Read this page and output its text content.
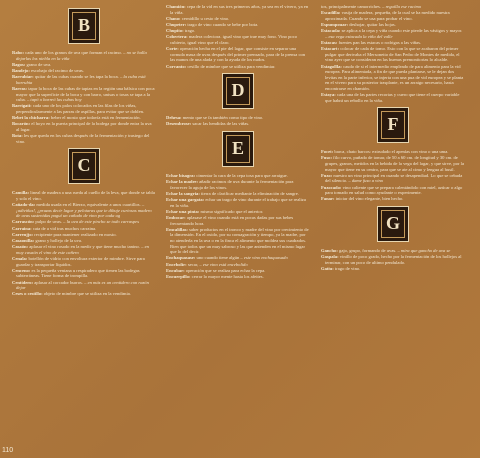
B

Rabo: cada uno de los granos de uva que forman el racimo. – no se halla dejarlas los niebla en la viña

Bagos: grano de uva.

Bandejo: escobajo del racimo de uvas.

Barrubiar: quitar de las cubas cuando se les tapa la boca. – la cuba está barrubia

Barras: tapar la boca de las cubas de tapias en la región una bálsica con poca mayor que la superficie de la boca y con barro, unisas o tosas se tapa a la cuba. – tapó o barreó las cubas hoy

Barrigati: cada uno de los palos colocados en las filas de los viñas, perpendicularmente a las parras de aspillas, para evitar que se doblen.

Bebet la chicharra: beber el mosto que todavía está en fermentación.

Bocarón: el hoyo en la puerta principal de la bodega por donde entra la uva al lagar.

Bota: les que queda en los cubas después de la fermentación y trasiego del vino.

C

Camilla: lineal de madera a una rueda al cuello de la leva, que donde se tabla y sola el vino.

Cañado-da: medida usada en el Bierzo, equivalente a unos cuartillos. – ¡adiviñas!, ¿pruzas decir lagar y pelotaras que te dibuje curiosos madero de uvas sustenidas paguí un cañado de vino por cada ug

Carrascón: pulpo de uvas. – la uva de este pincho se todo carraspes

Carraina: cata de a vid tras muchos carraina.

Carrenjjo: recipiente para mantener realizado en mosto.

Casaonilla: grano y hollejo de la uva.

Casaón: aplasar el vino rosado en la medir y que tiene mucho tanino. – en muy casaón el vino de este cañero

Cenala: botellón de vidrio con envoltura exterior de mimbre. Sirve para guardar y transportar líquidos.

Cenceno: es la pequeña ventana u respiradero que tienen las bodegas subterráneas. Tiene forma de trompilla.

Centidero: aplasar al corcador burros. – en más es un centidero con razón dejar

Ceses o cestillo: objeto de mimbre que se utiliza en la vendimia.

Chamión: cepa de la vid en sus tres primeros años, ya sea en el vivero, ya en la viña.

Chano: cernidillo u cesto de vino.

Chupeter: trago de vino cuando se bebe por bota.

Chupito: trago.

Cobertera: madera colectora. igual vino que trae muy fono. Vino poco cubierto, igual vino que el claro.

Corte: operación hecha en el pie del lagar, que consiste en separar una cornuda masa de uvas después del primer prensado, para de la prensa con las manos de una alada y con la ayuda de los nudos.

Corvanto: cesillo de mimbre que se utiliza para vendimiar.

D

Dehesa: mento que se fa también como tipo de vino.

Desembrose: sacar las hendidas de las viñas.

E

Echar bisagra: cimentar la cara de la cepa tosa para que arraigue.

Echar la madre: añadir racimos de uva durante la fermentación para favorecer la aguja de los vinos.

Echar la sangría: tierra de clarificar mediante la eliminación de sangre.

Echar una gargata: echar un trago de vino durante el trabajo que se realiza en la viña.

Echar una pinta: mismo significado que el anterior.

Embocar: aplasase el vino cuando está en pocas dadas por sus bebes frecuentando hora.

Emcalillas: saber productos en el tronco y madre del vino por crecimiento de la dimensión. En el oxido, por su consagración y tiempo, ya la madre, por no atenderla en la uva o en la finca el alimento que moldea sus cuadrados. Bien que todos que un muy sabroso y las que antenden en el mismo lugar que lo del decir.

Enchaquasase: uno cuando tiene algún – este vino enchaquasado

Encebolir: secar, – ese vino está encebolido

Encubar: operación que se realiza para echar la cepa.

Encuerpillo: cerrar lo mayor mente hasta los afeites.

tos, principalmente camorriches. – reguilla ese racimo

Escadilla: vasija de madera, pequeña, de la cual se ha medido nuestra aproximada. Cuando se usa para probar el vino.

Espumpouar: deshojar, quitar las hojas.

Estacada: se aplica a la cepa y viña cuando este pierde las vástigos y mayor. – esa vega estacada la viña del valle

Estacas: fuentes pan las estacas o rodrigas a las viñas.

Estacart: colocar de cada de tomo. Esto con la que se acabaron del primer pulgar que derivaba el Mersonetto de San Pedro de Montes de medida, el vino ayer que se consideran en las buenas premonitorias lo alcalde.

Estagollla: caudo de si el intermedio empleado de para alimento para la vid europea. Para alimentada, a fin de que pueda plantarse, se le dejan dos levitas en la parte inferior, se injerta con una pua de vid europea y se planta en el vivero para su posterior trasplante, es un arraigo necesario, hasta encontrarse en chamión.

Estaya: cada una de las partes recortas y cuero que tiene el cuerpo variable que habrá un rebollo en la viña.

F

Focet: barca, chato barcos: extrudado el apenías con vino o una uma.

Fuso: filo curvo, puñado de tomar, de 50 a 60 cm. de longitud y 30 cm. de grupes, granos, metidos en la bebida de la vega del lagar, y que sirve, por la mayor que tiene en su centro, para que se ate al cimo y lengua al husil.

Fuzo: nuestro un vino principal en cuando se desapendiad. Lo que se cebada del silencio. – dame fuso a vino

Fuzocado: vino caliente que se prepara calentándolo con miel, azúcar o algo para tomado en salud como ayudante o experimente.

Fanar: iniciar del vino elegante, bien hecho.

G

Gancho: gajo, grupo, formando de uvas. – mira que gancho de uva se

Gaspala: vinillo de poco grado, hecho por la fermentación de los hollejos al terminar, con un poco de ultimo pendulado.

Gatiu: trago de vino.

110
